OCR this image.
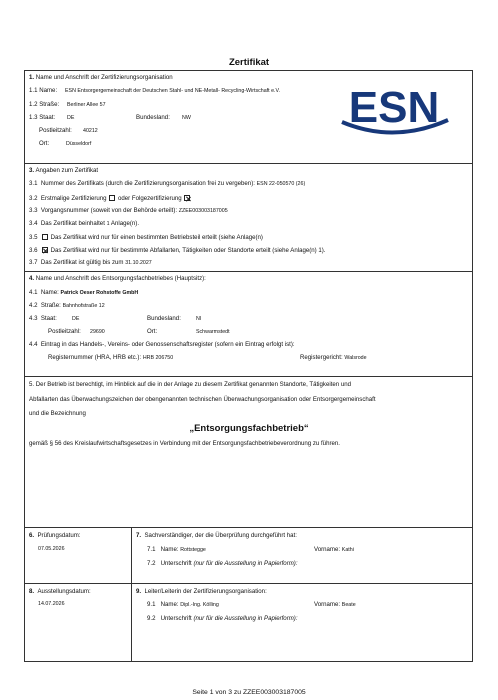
Zertifikat
1. Name und Anschrift der Zertifizierungsorganisation
1.1 Name: ESN Entsorgergemeinschaft der Deutschen Stahl- und NE-Metall- Recycling-Wirtschaft e.V.
1.2 Straße: Berliner Allee 57
1.3 Staat: DE	Bundesland: NW
Postleitzahl: 40212
Ort:	Düsseldorf
ESN
3. Angaben zum Zertifikat
3.1 Nummer des Zertifikats (durch die Zertifizierungsorganisation frei zu vergeben): ESN 22-050570 (26)
3.2 Erstmalige Zertifizierung oder Folgezertifizierung
3.3 Vorgangsnummer (soweit von der Behörde erteilt): ZZEE003003187005
3.4 Das Zertifikat beinhaltet 1 Anlage(n).
3.5 Das Zertifikat wird nur für einen bestimmten Betriebsteil erteilt (siehe Anlage(n)
3.6 Das Zertifikat wird nur für bestimmte Abfallarten, Tätigkeiten oder Standorte erteilt (siehe Anlage(n) 1).
3.7 Das Zertifikat ist gültig bis zum 31.10.2027
4. Name und Anschrift des Entsorgungsfachbetriebes (Hauptsitz):
4.1 Name: Patrick Oeser Rohstoffe GmbH
4.2 Straße: Bahnhofstraße 12
4.3 Staat:	DE	Bundesland:	NI
Postleitzahl: 29690	Ort:	Schwarmstedt
4.4 Eintrag in das Handels-, Vereins- oder Genossenschaftsregister (sofern ein Eintrag erfolgt ist):
Registernummer (HRA, HRB etc.): HRB 206750	Registergericht: Walsrode
5. Der Betrieb ist berechtigt, im Hinblick auf die in der Anlage zu diesem Zertifikat genannten Standorte, Tätigkeiten und
Abfallarten das Überwachungszeichen der obengenannten technischen Überwachungsorganisation oder Entsorgergemeinschaft
und die Bezeichnung
„Entsorgungsfachbetrieb“
gemäß § 56 des Kreislaufwirtschaftsgesetzes in Verbindung mit der Entsorgungsfachbetriebeverordnung zu führen.
6. Prüfungsdatum:
07.05.2026
7. Sachverständiger, der die Überprüfung durchgeführt hat:
7.1 Name: Rottstegge	Vorname: Kathi
7.2 Unterschrift (nur für die Ausstellung in Papierform):
8. Ausstellungsdatum:
14.07.2026
9. Leiter/Leiterin der Zertifizierungsorganisation:
9.1 Name: Dipl.-Ing. Kölling	Vorname: Beate
9.2 Unterschrift (nur für die Ausstellung in Papierform):
Seite 1 von 3 zu ZZEE003003187005
